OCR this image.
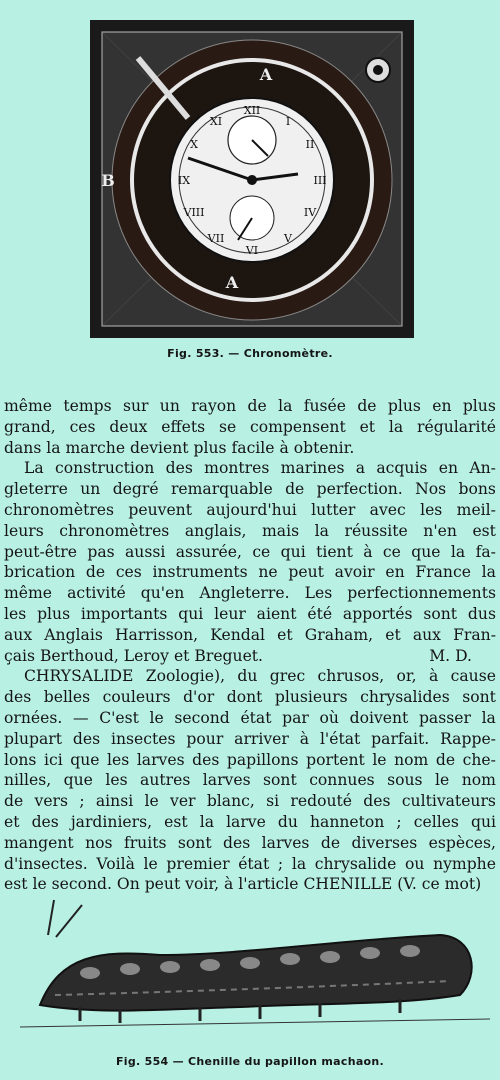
XII
I
II
III
IV
V
VI
VII
VIII
IX
X
XI
A
B
A
Fig. 553. — Chronomètre.
même temps sur un rayon de la fusée de plus en plus
grand, ces deux effets se compensent et la régularité
dans la marche devient plus facile à obtenir.
La construction des montres marines a acquis en An-
gleterre un degré remarquable de perfection. Nos bons
chronomètres peuvent aujourd'hui lutter avec les meil-
leurs chronomètres anglais, mais la réussite n'en est
peut-être pas aussi assurée, ce qui tient à ce que la fa-
brication de ces instruments ne peut avoir en France la
même activité qu'en Angleterre. Les perfectionnements
les plus importants qui leur aient été apportés sont dus
aux Anglais Harrisson, Kendal et Graham, et aux Fran-
çais Berthoud, Leroy et Breguet.	M. D.
CHRYSALIDE Zoologie), du grec chrusos, or, à cause
des belles couleurs d'or dont plusieurs chrysalides sont
ornées. — C'est le second état par où doivent passer la
plupart des insectes pour arriver à l'état parfait. Rappe-
lons ici que les larves des papillons portent le nom de che-
nilles, que les autres larves sont connues sous le nom
de vers ; ainsi le ver blanc, si redouté des cultivateurs
et des jardiniers, est la larve du hanneton ; celles qui
mangent nos fruits sont des larves de diverses espèces,
d'insectes. Voilà le premier état ; la chrysalide ou nymphe
est le second. On peut voir, à l'article CHENILLE (V. ce mot)
Fig. 554 — Chenille du papillon machaon.
